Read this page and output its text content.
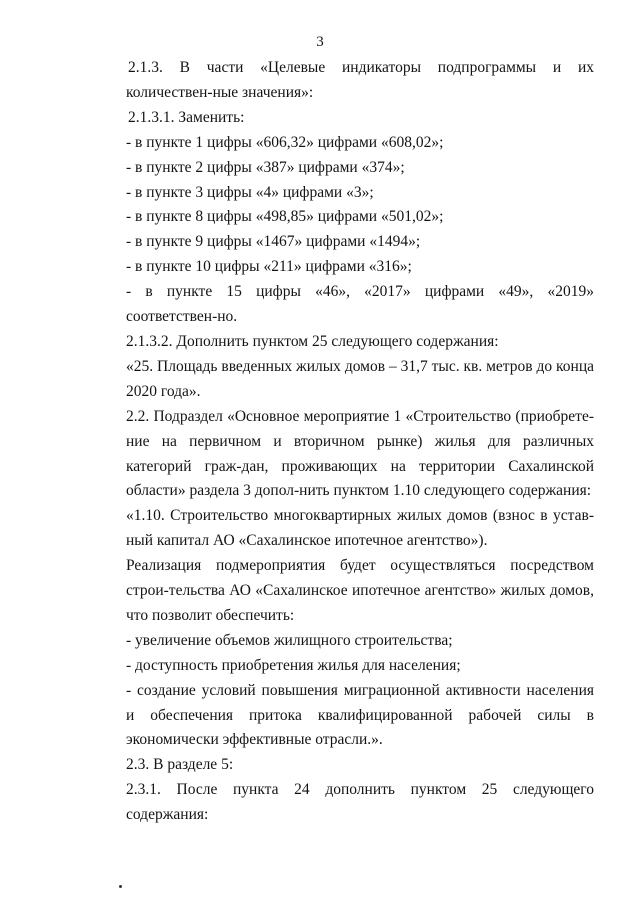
3

2.1.3. В части «Целевые индикаторы подпрограммы и их количествен-ные значения»:

2.1.3.1. Заменить:

- в пункте 1 цифры «606,32» цифрами «608,02»;

- в пункте 2 цифры «387» цифрами «374»;

- в пункте 3 цифры «4» цифрами «3»;

- в пункте 8 цифры «498,85» цифрами «501,02»;

- в пункте 9 цифры «1467» цифрами «1494»;

- в пункте 10 цифры «211» цифрами «316»;

- в пункте 15 цифры «46», «2017» цифрами «49», «2019» соответствен-но.

2.1.3.2. Дополнить пунктом 25 следующего содержания:

«25. Площадь введенных жилых домов – 31,7 тыс. кв. метров до конца 2020 года».

2.2. Подраздел «Основное мероприятие 1 «Строительство (приобрете-ние на первичном и вторичном рынке) жилья для различных категорий граж-дан, проживающих на территории Сахалинской области» раздела 3 допол-нить пунктом 1.10 следующего содержания:

«1.10. Строительство многоквартирных жилых домов (взнос в устав-ный капитал АО «Сахалинское ипотечное агентство»).

Реализация подмероприятия будет осуществляться посредством строи-тельства АО «Сахалинское ипотечное агентство» жилых домов, что позволит обеспечить:

- увеличение объемов жилищного строительства;

- доступность приобретения жилья для населения;

- создание условий повышения миграционной активности населения и обеспечения притока квалифицированной рабочей силы в экономически эффективные отрасли.».

2.3. В разделе 5:

2.3.1. После пункта 24 дополнить пунктом 25 следующего содержания:
